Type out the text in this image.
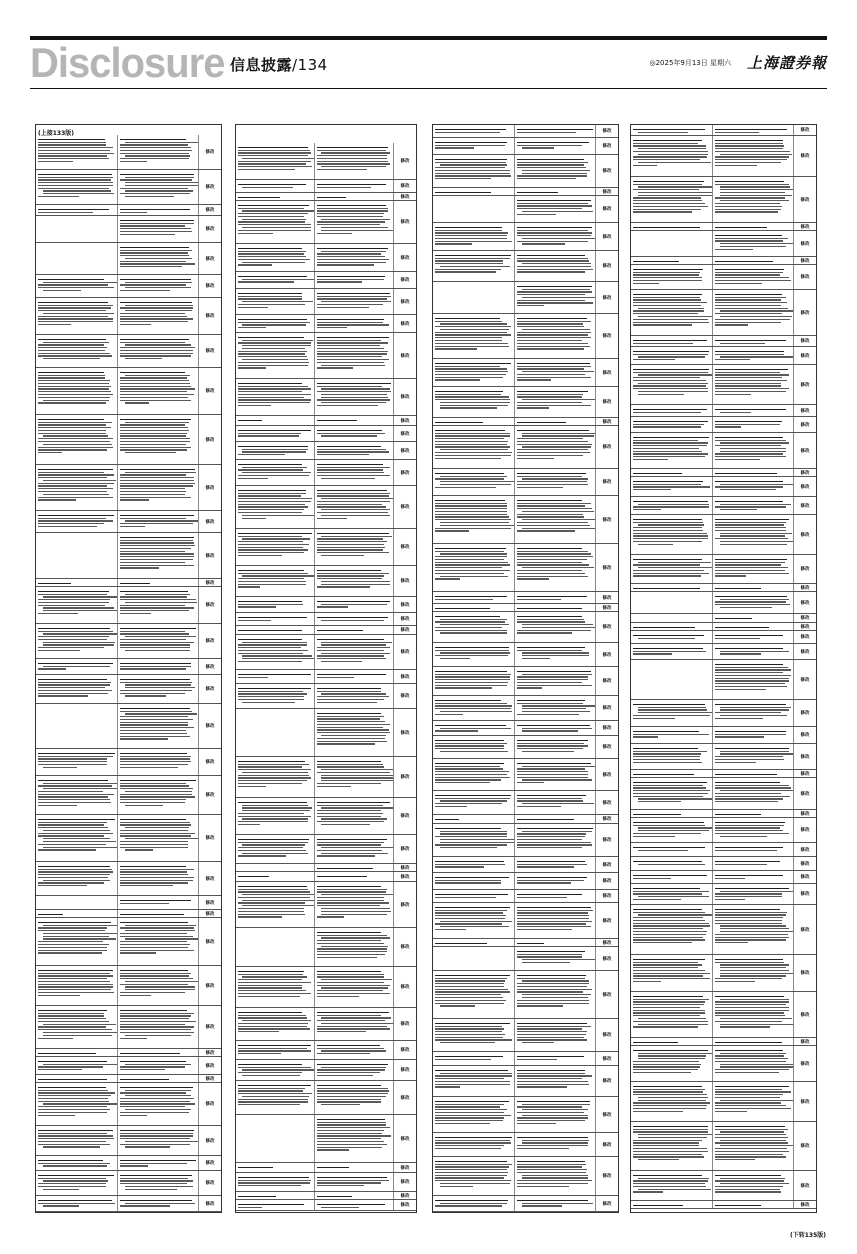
Disclosure 信息披露/134	◎2025年9月13日 星期六 上海證券報
修改
修改
修改
修改
修改
修改
修改
修改
修改
修改
修改
修改
修改
修改
修改
修改
修改
修改
修改
修改
修改
修改
修改
修改
修改
修改
修改
修改
修改
修改
修改
修改
修改
修改
修改
修改
修改
修改
修改
修改
修改
修改
修改
修改
修改
修改
修改
修改
修改
修改
修改
修改
修改
修改
修改
修改
修改
修改
修改
修改
修改
修改
修改
修改
修改
修改
修改
修改
修改
修改
修改
修改
修改
修改
修改
修改
修改
修改
修改
修改
修改
修改
修改
修改
修改
修改
修改
修改
修改
修改
修改
修改
修改
修改
修改
修改
修改
修改
修改
修改
修改
修改
修改
修改
修改
修改
修改
修改
修改
修改
修改
修改
修改
修改
修改
修改
修改
修改
修改
修改
修改
修改
修改
修改
修改
修改
修改
修改
修改
修改
修改
修改
修改
修改
修改
修改
修改
修改
修改
修改
修改
修改
修改
修改
修改
修改
修改
修改
修改
修改
修改
修改
修改
修改
修改
修改
修改
修改
修改
修改
修改
修改
修改
修改
修改
(上接133版)
(下转135版)
